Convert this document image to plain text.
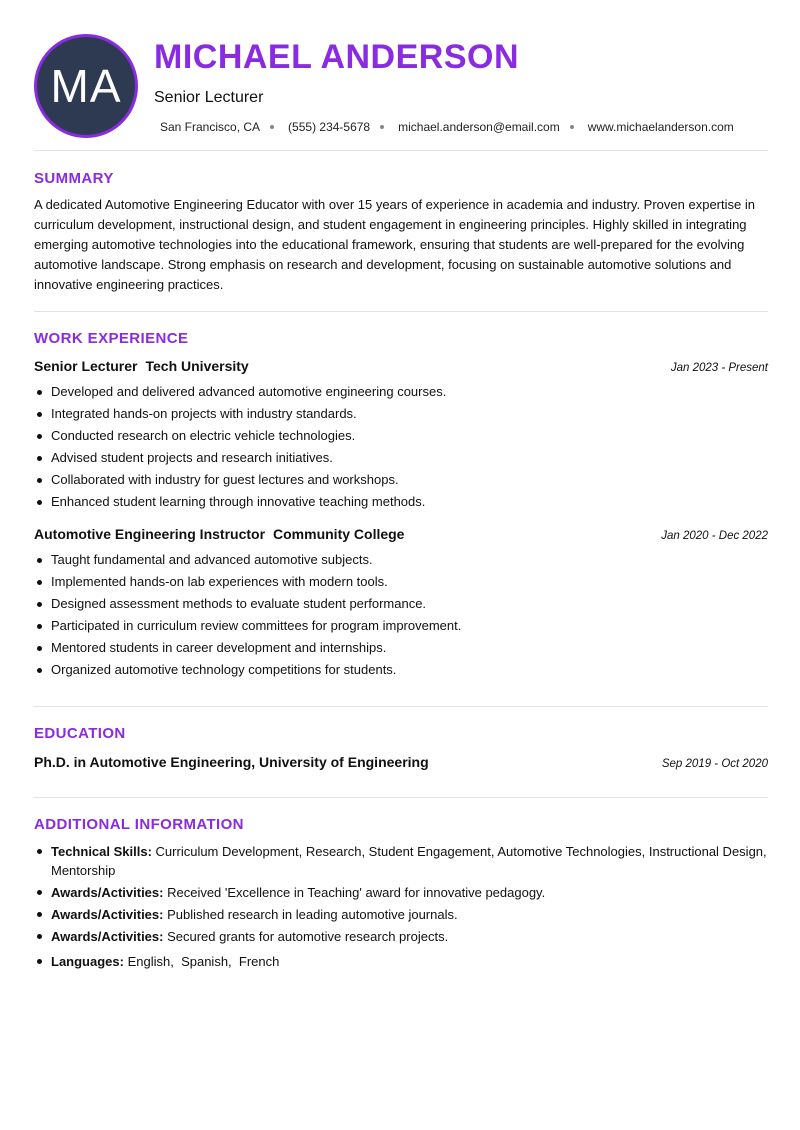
MA
MICHAEL ANDERSON
Senior Lecturer
San Francisco, CA (555) 234-5678 michael.anderson@email.com www.michaelanderson.com
SUMMARY
A dedicated Automotive Engineering Educator with over 15 years of experience in academia and industry. Proven expertise in curriculum development, instructional design, and student engagement in engineering principles. Highly skilled in integrating emerging automotive technologies into the educational framework, ensuring that students are well-prepared for the evolving automotive landscape. Strong emphasis on research and development, focusing on sustainable automotive solutions and innovative engineering practices.
WORK EXPERIENCE
Senior Lecturer Tech University	Jan 2023 - Present
Developed and delivered advanced automotive engineering courses.
Integrated hands-on projects with industry standards.
Conducted research on electric vehicle technologies.
Advised student projects and research initiatives.
Collaborated with industry for guest lectures and workshops.
Enhanced student learning through innovative teaching methods.
Automotive Engineering Instructor Community College	Jan 2020 - Dec 2022
Taught fundamental and advanced automotive subjects.
Implemented hands-on lab experiences with modern tools.
Designed assessment methods to evaluate student performance.
Participated in curriculum review committees for program improvement.
Mentored students in career development and internships.
Organized automotive technology competitions for students.
EDUCATION
Ph.D. in Automotive Engineering, University of Engineering	Sep 2019 - Oct 2020
ADDITIONAL INFORMATION
Technical Skills: Curriculum Development, Research, Student Engagement, Automotive Technologies, Instructional Design, Mentorship
Awards/Activities: Received 'Excellence in Teaching' award for innovative pedagogy.
Awards/Activities: Published research in leading automotive journals.
Awards/Activities: Secured grants for automotive research projects.
Languages: English,  Spanish,  French
